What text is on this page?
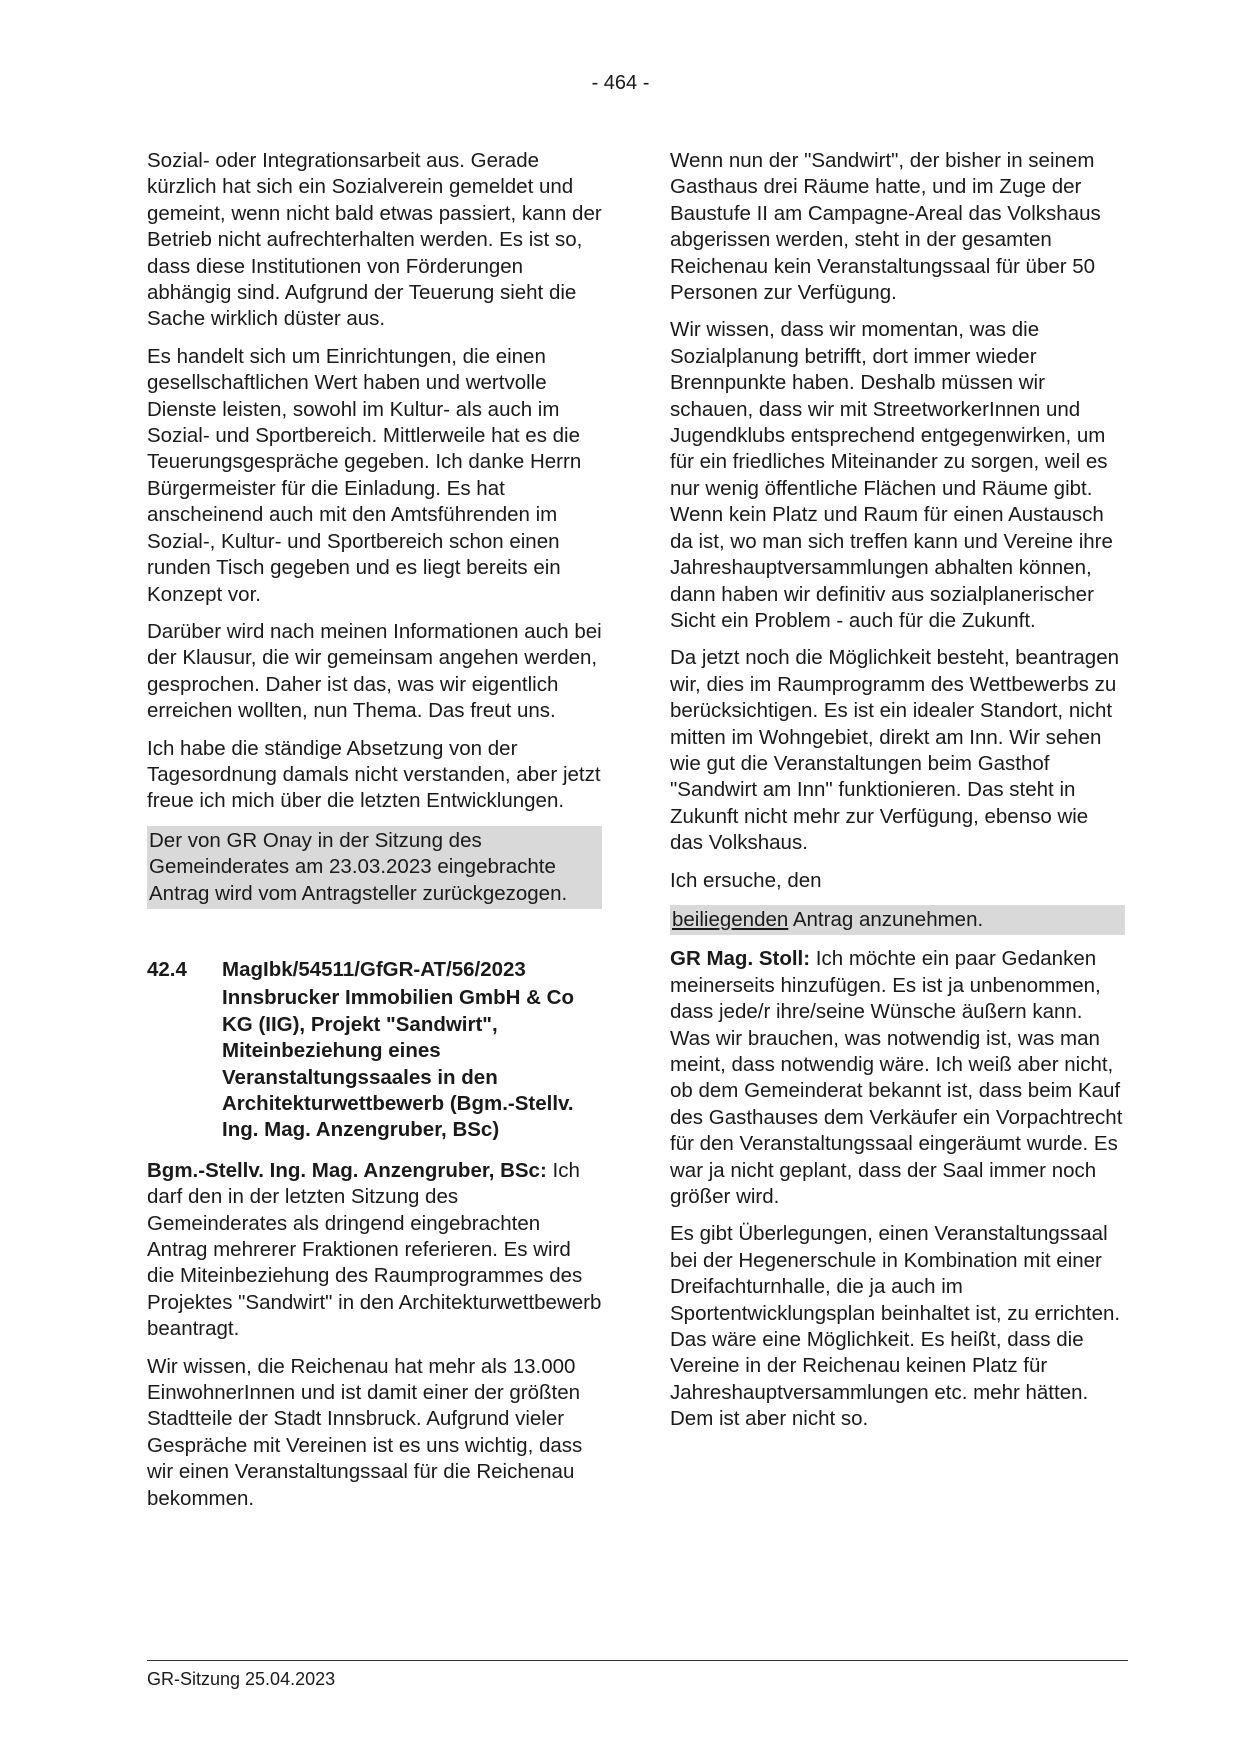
- 464 -

Sozial- oder Integrationsarbeit aus. Gerade kürzlich hat sich ein Sozialverein gemeldet und gemeint, wenn nicht bald etwas passiert, kann der Betrieb nicht aufrechterhalten werden. Es ist so, dass diese Institutionen von Förderungen abhängig sind. Aufgrund der Teuerung sieht die Sache wirklich düster aus.

Es handelt sich um Einrichtungen, die einen gesellschaftlichen Wert haben und wertvolle Dienste leisten, sowohl im Kultur- als auch im Sozial- und Sportbereich. Mittlerweile hat es die Teuerungsgespräche gegeben. Ich danke Herrn Bürgermeister für die Einladung. Es hat anscheinend auch mit den Amtsführenden im Sozial-, Kultur- und Sportbereich schon einen runden Tisch gegeben und es liegt bereits ein Konzept vor.

Darüber wird nach meinen Informationen auch bei der Klausur, die wir gemeinsam angehen werden, gesprochen. Daher ist das, was wir eigentlich erreichen wollten, nun Thema. Das freut uns.

Ich habe die ständige Absetzung von der Tagesordnung damals nicht verstanden, aber jetzt freue ich mich über die letzten Entwicklungen.

Der von GR Onay in der Sitzung des Gemeinderates am 23.03.2023 eingebrachte Antrag wird vom Antragsteller zurückgezogen.

42.4	MagIbk/54511/GfGR-AT/56/2023
Innsbrucker Immobilien GmbH & Co KG (IIG), Projekt "Sandwirt", Miteinbeziehung eines Veranstaltungssaales in den Architekturwettbewerb (Bgm.-Stellv. Ing. Mag. Anzengruber, BSc)

Bgm.-Stellv. Ing. Mag. Anzengruber, BSc: Ich darf den in der letzten Sitzung des Gemeinderates als dringend eingebrachten Antrag mehrerer Fraktionen referieren. Es wird die Miteinbeziehung des Raumprogrammes des Projektes "Sandwirt" in den Architekturwettbewerb beantragt.

Wir wissen, die Reichenau hat mehr als 13.000 EinwohnerInnen und ist damit einer der größten Stadtteile der Stadt Innsbruck. Aufgrund vieler Gespräche mit Vereinen ist es uns wichtig, dass wir einen Veranstaltungssaal für die Reichenau bekommen.

Wenn nun der "Sandwirt", der bisher in seinem Gasthaus drei Räume hatte, und im Zuge der Baustufe II am Campagne-Areal das Volkshaus abgerissen werden, steht in der gesamten Reichenau kein Veranstaltungssaal für über 50 Personen zur Verfügung.

Wir wissen, dass wir momentan, was die Sozialplanung betrifft, dort immer wieder Brennpunkte haben. Deshalb müssen wir schauen, dass wir mit StreetworkerInnen und Jugendklubs entsprechend entgegenwirken, um für ein friedliches Miteinander zu sorgen, weil es nur wenig öffentliche Flächen und Räume gibt. Wenn kein Platz und Raum für einen Austausch da ist, wo man sich treffen kann und Vereine ihre Jahreshauptversammlungen abhalten können, dann haben wir definitiv aus sozialplanerischer Sicht ein Problem - auch für die Zukunft.

Da jetzt noch die Möglichkeit besteht, beantragen wir, dies im Raumprogramm des Wettbewerbs zu berücksichtigen. Es ist ein idealer Standort, nicht mitten im Wohngebiet, direkt am Inn. Wir sehen wie gut die Veranstaltungen beim Gasthof "Sandwirt am Inn" funktionieren. Das steht in Zukunft nicht mehr zur Verfügung, ebenso wie das Volkshaus.

Ich ersuche, den

beiliegenden Antrag anzunehmen.

GR Mag. Stoll: Ich möchte ein paar Gedanken meinerseits hinzufügen. Es ist ja unbenommen, dass jede/r ihre/seine Wünsche äußern kann. Was wir brauchen, was notwendig ist, was man meint, dass notwendig wäre. Ich weiß aber nicht, ob dem Gemeinderat bekannt ist, dass beim Kauf des Gasthauses dem Verkäufer ein Vorpachtrecht für den Veranstaltungssaal eingeräumt wurde. Es war ja nicht geplant, dass der Saal immer noch größer wird.

Es gibt Überlegungen, einen Veranstaltungssaal bei der Hegenerschule in Kombination mit einer Dreifachturnhalle, die ja auch im Sportentwicklungsplan beinhaltet ist, zu errichten. Das wäre eine Möglichkeit. Es heißt, dass die Vereine in der Reichenau keinen Platz für Jahreshauptversammlungen etc. mehr hätten. Dem ist aber nicht so.

GR-Sitzung 25.04.2023
